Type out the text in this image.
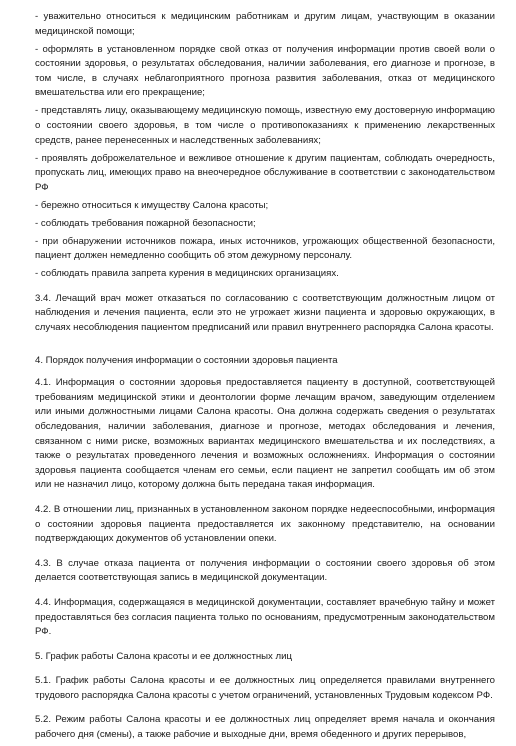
- уважительно относиться к медицинским работникам и другим лицам, участвующим в оказании медицинской помощи;

- оформлять в установленном порядке свой отказ от получения информации против своей воли о состоянии здоровья, о результатах обследования, наличии заболевания, его диагнозе и прогнозе, в том числе, в случаях неблагоприятного прогноза развития заболевания, отказ от медицинского вмешательства или его прекращение;

- представлять лицу, оказывающему медицинскую помощь, известную ему достоверную информацию о состоянии своего здоровья, в том числе о противопоказаниях к применению лекарственных средств, ранее перенесенных и наследственных заболеваниях;

- проявлять доброжелательное и вежливое отношение к другим пациентам, соблюдать очередность, пропускать лиц, имеющих право на внеочередное обслуживание в соответствии с законодательством РФ

- бережно относиться к имуществу Салона красоты;

- соблюдать требования пожарной безопасности;

- при обнаружении источников пожара, иных источников, угрожающих общественной безопасности, пациент должен немедленно сообщить об этом дежурному персоналу.

- соблюдать правила запрета курения в медицинских организациях.

3.4. Лечащий врач может отказаться по согласованию с соответствующим должностным лицом от наблюдения и лечения пациента, если это не угрожает жизни пациента и здоровью окружающих, в случаях несоблюдения пациентом предписаний или правил внутреннего распорядка Салона красоты.

4. Порядок получения информации о состоянии здоровья пациента

4.1. Информация о состоянии здоровья предоставляется пациенту в доступной, соответствующей требованиям медицинской этики и деонтологии форме лечащим врачом, заведующим отделением или иными должностными лицами Салона красоты. Она должна содержать сведения о результатах обследования, наличии заболевания, диагнозе и прогнозе, методах обследования и лечения, связанном с ними риске, возможных вариантах медицинского вмешательства и их последствиях, а также о результатах проведенного лечения и возможных осложнениях. Информация о состоянии здоровья пациента сообщается членам его семьи, если пациент не запретил сообщать им об этом или не назначил лицо, которому должна быть передана такая информация.

4.2. В отношении лиц, признанных в установленном законом порядке недееспособными, информация о состоянии здоровья пациента предоставляется их законному представителю, на основании подтверждающих документов об установлении опеки.

4.3. В случае отказа пациента от получения информации о состоянии своего здоровья об этом делается соответствующая запись в медицинской документации.

4.4. Информация, содержащаяся в медицинской документации, составляет врачебную тайну и может предоставляться без согласия пациента только по основаниям, предусмотренным законодательством РФ.

5. График работы Салона красоты и ее должностных лиц

5.1. График работы Салона красоты и ее должностных лиц определяется правилами внутреннего трудового распорядка Салона красоты с учетом ограничений, установленных Трудовым кодексом РФ.

5.2. Режим работы Салона красоты и ее должностных лиц определяет время начала и окончания рабочего дня (смены), а также рабочие и выходные дни, время обеденного и других перерывов,
